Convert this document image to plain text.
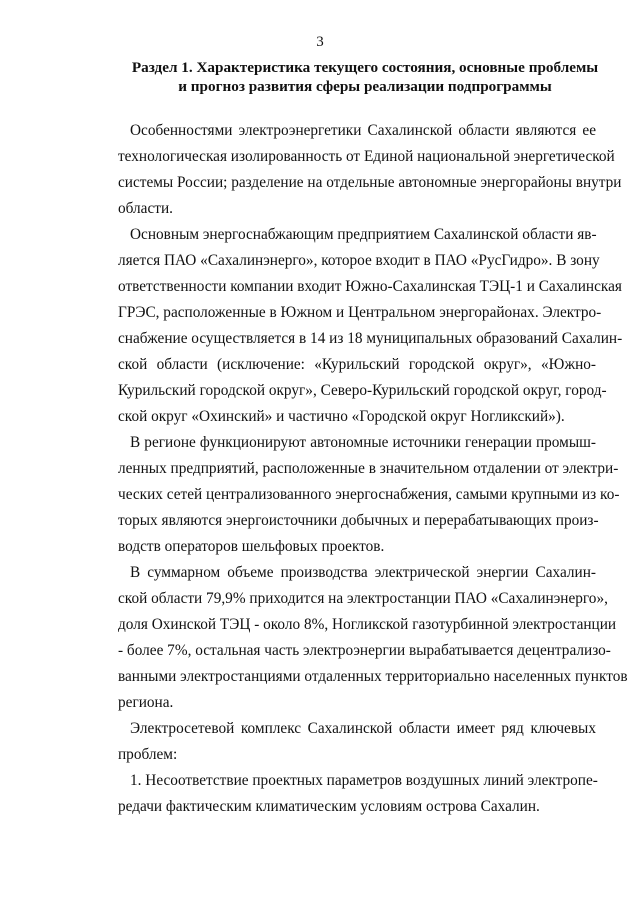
3
Раздел 1. Характеристика текущего состояния, основные проблемы
и прогноз развития сферы реализации подпрограммы
Особенностями электроэнергетики Сахалинской области являются ее
технологическая изолированность от Единой национальной энергетической
системы России; разделение на отдельные автономные энергорайоны внутри
области.
Основным энергоснабжающим предприятием Сахалинской области яв-
ляется ПАО «Сахалинэнерго», которое входит в ПАО «РусГидро». В зону
ответственности компании входит Южно-Сахалинская ТЭЦ-1 и Сахалинская
ГРЭС, расположенные в Южном и Центральном энергорайонах. Электро-
снабжение осуществляется в 14 из 18 муниципальных образований Сахалин-
ской области (исключение: «Курильский городской округ», «Южно-
Курильский городской округ», Северо-Курильский городской округ, город-
ской округ «Охинский» и частично «Городской округ Ногликский»).
В регионе функционируют автономные источники генерации промыш-
ленных предприятий, расположенные в значительном отдалении от электри-
ческих сетей централизованного энергоснабжения, самыми крупными из ко-
торых являются энергоисточники добычных и перерабатывающих произ-
водств операторов шельфовых проектов.
В суммарном объеме производства электрической энергии Сахалин-
ской области 79,9% приходится на электростанции ПАО «Сахалинэнерго»,
доля Охинской ТЭЦ - около 8%, Ногликской газотурбинной электростанции
- более 7%, остальная часть электроэнергии вырабатывается децентрализо-
ванными электростанциями отдаленных территориально населенных пунктов
региона.
Электросетевой комплекс Сахалинской области имеет ряд ключевых
проблем:
1. Несоответствие проектных параметров воздушных линий электропе-
редачи фактическим климатическим условиям острова Сахалин.
